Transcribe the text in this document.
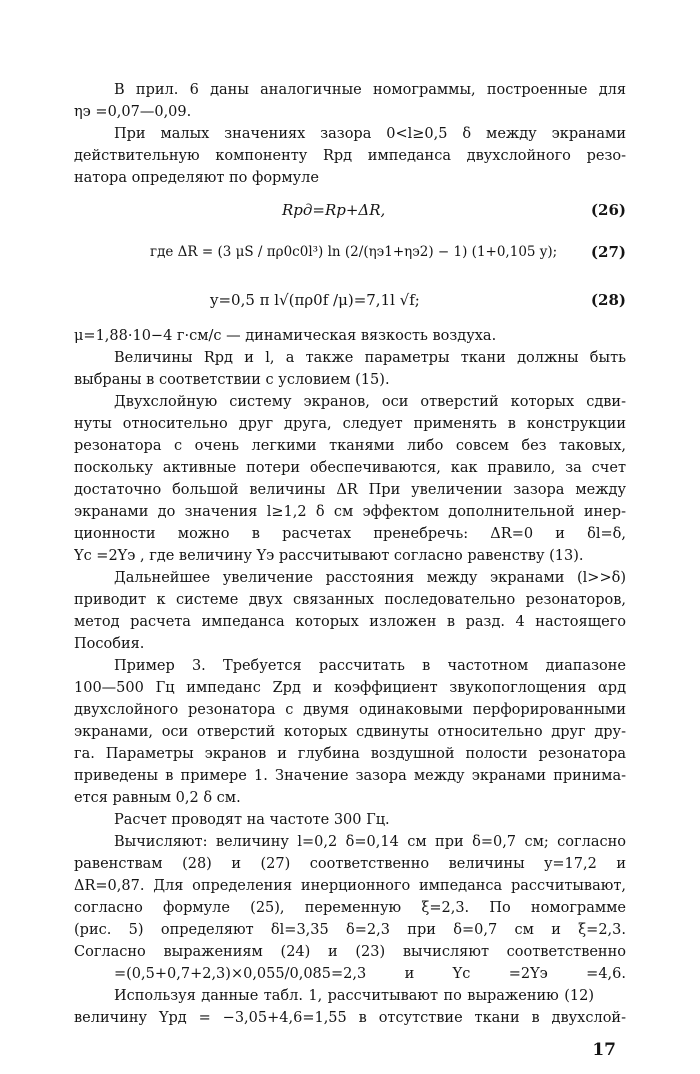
В прил. 6 даны аналогичные номограммы, построенные для
ηэ =0,07—0,09.
При малых значениях зазора 0<l≥0,5 δ между экранами
действительную компоненту Rрд импеданса двухслойного резо-
натора определяют по формуле
Rрд=Rр+ΔR,	(26)
где ΔR = (3 μS / πρ0c0l³) ln (2/(ηэ1+ηэ2) − 1) (1+0,105 y); (27)
y=0,5 π l√(πρ0f /μ)=7,1l √f;	(28)
μ=1,88·10−4 г·см/с — динамическая вязкость воздуха.
Величины Rрд и l, а также параметры ткани должны быть
выбраны в соответствии с условием (15).
Двухслойную систему экранов, оси отверстий которых сдви-
нуты относительно друг друга, следует применять в конструкции
резонатора с очень легкими тканями либо совсем без таковых,
поскольку активные потери обеспечиваются, как правило, за счет
достаточно большой величины ΔR При увеличении зазора между
экранами до значения l≥1,2 δ см эффектом дополнительной инер-
ционности можно в расчетах пренебречь: ΔR=0 и δl=δ,
Yс =2Yэ , где величину Yэ рассчитывают согласно равенству (13).
Дальнейшее увеличение расстояния между экранами (l>>δ)
приводит к системе двух связанных последовательно резонаторов,
метод расчета импеданса которых изложен в разд. 4 настоящего
Пособия.
Пример 3. Требуется рассчитать в частотном диапазоне
100—500 Гц импеданс Zрд и коэффициент звукопоглощения αрд
двухслойного резонатора с двумя одинаковыми перфорированными
экранами, оси отверстий которых сдвинуты относительно друг дру-
га. Параметры экранов и глубина воздушной полости резонатора
приведены в примере 1. Значение зазора между экранами принима-
ется равным 0,2 δ см.
Расчет проводят на частоте 300 Гц.
Вычисляют: величину l=0,2 δ=0,14 см при δ=0,7 см; согласно
равенствам (28) и (27) соответственно величины y=17,2 и
ΔR=0,87. Для определения инерционного импеданса рассчитывают,
согласно формуле (25), переменную ξ=2,3. По номограмме
(рис. 5) определяют δl=3,35 δ=2,3 при δ=0,7 см и ξ=2,3.
Согласно выражениям (24) и (23) вычисляют соответственно
=(0,5+0,7+2,3)×0,055/0,085=2,3 и Yс =2Yэ =4,6.
Используя данные табл. 1, рассчитывают по выражению (12)
величину Yрд = −3,05+4,6=1,55 в отсутствие ткани в двухслой-
17
